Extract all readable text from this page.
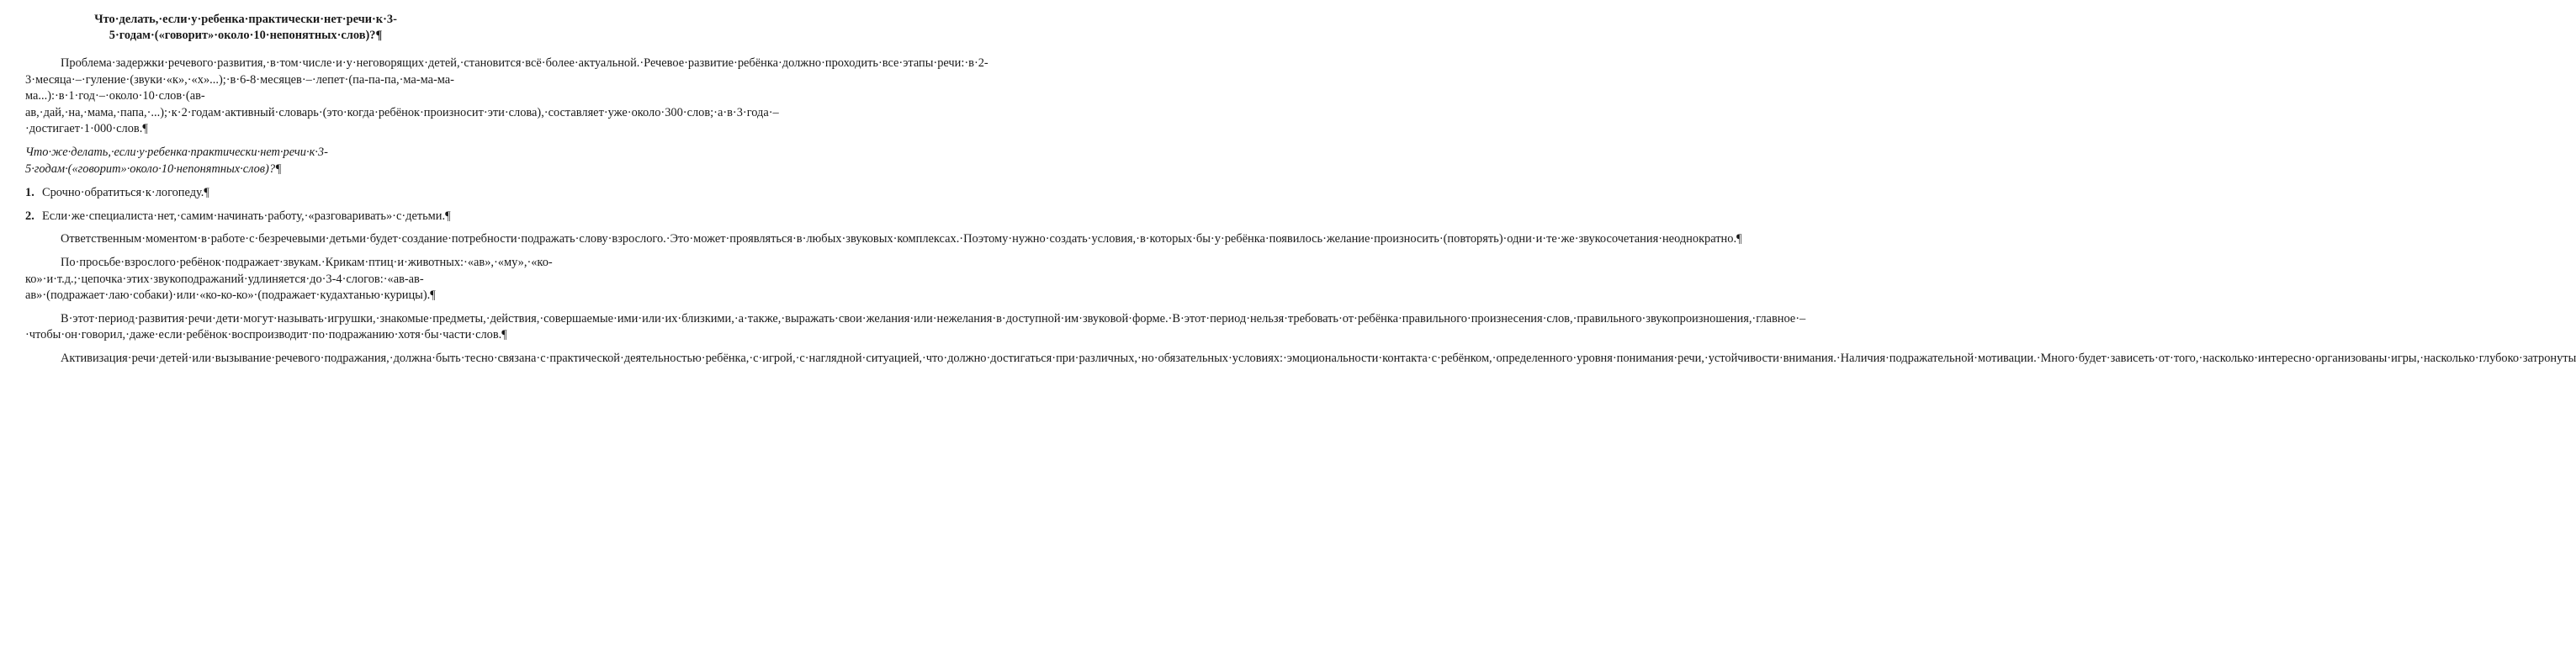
Что·делать,·если·у·ребенка·практически·нет·речи·к·3-5·годам·(«говорит»·около·10·непонятных·слов)?¶

Проблема·задержки·речевого·развития,·в·том·числе·и·у·неговорящих·детей,·становится·всё·более·актуальной.·Речевое·развитие·ребёнка·должно·проходить·все·этапы·речи:·в·2-3·месяца·–·гуление·(звуки·«к»,·«х»...);·в·6-8·месяцев·–·лепет·(па-па-па,·ма-ма-ма-ма...):·в·1·год·–·около·10·слов·(ав-ав,·дай,·на,·мама,·папа,·...);·к·2·годам·активный·словарь·(это·когда·ребёнок·произносит·эти·слова),·составляет·уже·около·300·слов;·а·в·3·года·–·достигает·1·000·слов.¶

Что·же·делать,·если·у·ребенка·практически·нет·речи·к·3-5·годам·(«говорит»·около·10·непонятных·слов)?¶

1. Срочно·обратиться·к·логопеду.¶
2. Если·же·специалиста·нет,·самим·начинать·работу,·«разговаривать»·с·детьми.¶

Ответственным·моментом·в·работе·с·безречевыми·детьми·будет·создание·потребности·подражать·слову·взрослого.·Это·может·проявляться·в·любых·звуковых·комплексах.·Поэтому·нужно·создать·условия,·в·которых·бы·у·ребёнка·появилось·желание·произносить·(повторять)·одни·и·те·же·звукосочетания·неоднократно.¶

По·просьбе·взрослого·ребёнок·подражает·звукам.·Крикам·птиц·и·животных:·«ав»,·«му»,·«ко-ко»·и·т.д.;·цепочка·этих·звукоподражаний·удлиняется·до·3-4·слогов:·«ав-ав-ав»·(подражает·лаю·собаки)·или·«ко-ко-ко»·(подражает·кудахтанью·курицы).¶

В·этот·период·развития·речи·дети·могут·называть·игрушки,·знакомые·предметы,·действия,·совершаемые·ими·или·их·близкими,·а·также,·выражать·свои·желания·или·нежелания·в·доступной·им·звуковой·форме.·В·этот·период·нельзя·требовать·от·ребёнка·правильного·произнесения·слов,·правильного·звукопроизношения,·главное·–·чтобы·он·говорил,·даже·если·ребёнок·воспроизводит·по·подражанию·хотя·бы·части·слов.¶

Активизация·речи·детей·или·вызывание·речевого·подражания,·должна·быть·тесно·связана·с·практической·деятельностью·ребёнка,·с·игрой,·с·наглядной·ситуацией,·что·должно·достигаться·при·различных,·но·обязательных·условиях:·эмоциональности·контакта·с·ребёнком,·определенного·уровня·понимания·речи,·устойчивости·внимания.·Наличия·подражательной·мотивации.·Много·будет·зависеть·от·того,·насколько·интересно·организованы·игры,·насколько·глубоко·затронуты
